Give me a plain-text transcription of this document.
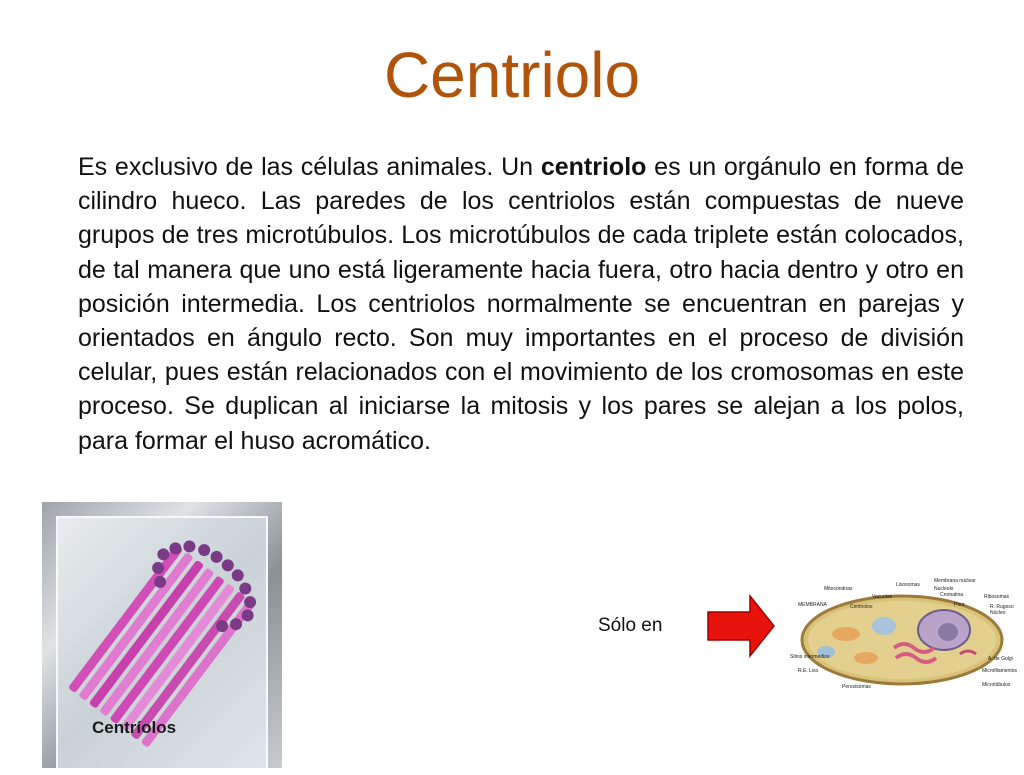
Centriolo

Es exclusivo de las células animales. Un centriolo es un orgánulo en forma de cilindro hueco. Las paredes de los centriolos están compuestas de nueve grupos de tres microtúbulos. Los microtúbulos de cada triplete están colocados, de tal manera que uno está ligeramente hacia fuera, otro hacia dentro y otro en posición intermedia. Los centriolos normalmente se encuentran en parejas y orientados en ángulo recto. Son muy importantes en el proceso de división celular, pues están relacionados con el movimiento de los cromosomas en este proceso. Se duplican al iniciarse la mitosis y los pares se alejan a los polos, para formar el huso acromático.

Centríolos
Sólo en
Lisosomas
Membrana nuclear
Mitocondrias
Vacuolas
Nucleolo
Cromatina
MEMBRANA	Centriolos	Poro
Ribosomas
R. Rugoso
Núcleo
Sitios intermedios	A. de Golgi
R.E. Liso	Microfilamentos
Peroxisomas	Microtúbulos
